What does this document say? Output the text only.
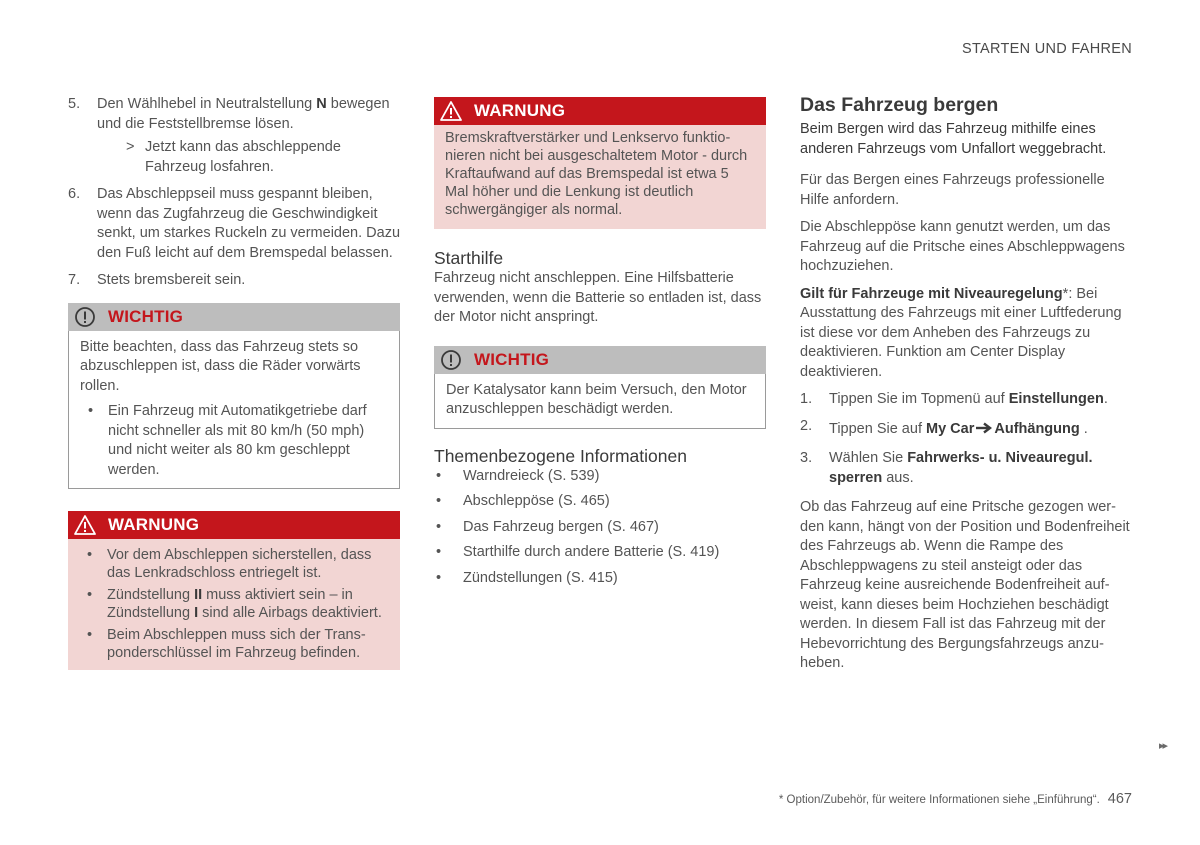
STARTEN UND FAHREN
5. Den Wählhebel in Neutralstellung N bewegen und die Feststellbremse lösen.
> Jetzt kann das abschleppende Fahrzeug losfahren.
6. Das Abschleppseil muss gespannt bleiben, wenn das Zugfahrzeug die Geschwindigkeit senkt, um starkes Ruckeln zu vermeiden. Dazu den Fuß leicht auf dem Bremspedal belassen.
7. Stets bremsbereit sein.
WICHTIG

Bitte beachten, dass das Fahrzeug stets so abzuschleppen ist, dass die Räder vorwärts rollen.

• Ein Fahrzeug mit Automatikgetriebe darf nicht schneller als mit 80 km/h (50 mph) und nicht weiter als 80 km geschleppt werden.
WARNUNG
• Vor dem Abschleppen sicherstellen, dass das Lenkradschloss entriegelt ist.
• Zündstellung II muss aktiviert sein – in Zündstellung I sind alle Airbags deaktiviert.
• Beim Abschleppen muss sich der Transponderschlüssel im Fahrzeug befinden.
WARNUNG

Bremskraftverstärker und Lenkservo funktionieren nicht bei ausgeschaltetem Motor - durch Kraftaufwand auf das Bremspedal ist etwa 5 Mal höher und die Lenkung ist deutlich schwergängiger als normal.

Starthilfe

Fahrzeug nicht anschleppen. Eine Hilfsbatterie verwenden, wenn die Batterie so entladen ist, dass der Motor nicht anspringt.

WICHTIG

Der Katalysator kann beim Versuch, den Motor anzuschleppen beschädigt werden.

Themenbezogene Informationen
• Warndreieck (S. 539)
• Abschleppöse (S. 465)
• Das Fahrzeug bergen (S. 467)
• Starthilfe durch andere Batterie (S. 419)
• Zündstellungen (S. 415)
Das Fahrzeug bergen

Beim Bergen wird das Fahrzeug mithilfe eines anderen Fahrzeugs vom Unfallort weggebracht.

Für das Bergen eines Fahrzeugs professionelle Hilfe anfordern.

Die Abschleppöse kann genutzt werden, um das Fahrzeug auf die Pritsche eines Abschleppwagens hochzuziehen.

Gilt für Fahrzeuge mit Niveauregelung*: Bei Ausstattung des Fahrzeugs mit einer Luftfederung ist diese vor dem Anheben des Fahrzeugs zu deaktivieren. Funktion am Center Display deaktivieren.

1. Tippen Sie im Topmenü auf Einstellungen.
2. Tippen Sie auf My Car Aufhängung .
3. Wählen Sie Fahrwerks- u. Niveauregul. sperren aus.

Ob das Fahrzeug auf eine Pritsche gezogen werden kann, hängt von der Position und Bodenfreiheit des Fahrzeugs ab. Wenn die Rampe des Abschleppwagens zu steil ansteigt oder das Fahrzeug keine ausreichende Bodenfreiheit aufweist, kann dieses beim Hochziehen beschädigt werden. In diesem Fall ist das Fahrzeug mit der Hebevorrichtung des Bergungsfahrzeugs anzuheben.

▸▸
* Option/Zubehör, für weitere Informationen siehe „Einführung“. 467
